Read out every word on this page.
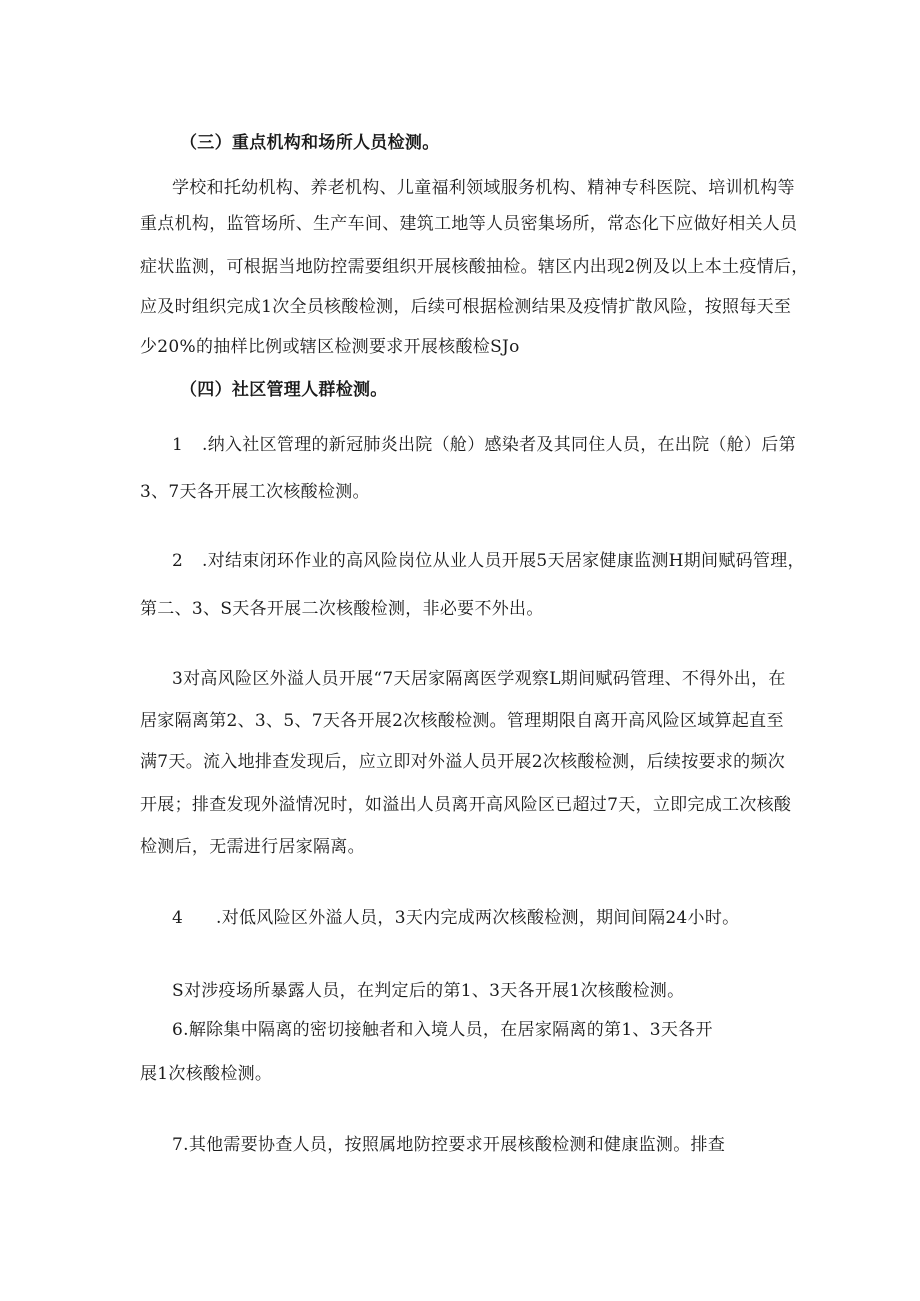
（三）重点机构和场所人员检测。
学校和托幼机构、养老机构、儿童福利领域服务机构、精神专科医院、培训机构等
重点机构，监管场所、生产车间、建筑工地等人员密集场所，常态化下应做好相关人员
症状监测，可根据当地防控需要组织开展核酸抽检。辖区内出现2例及以上本土疫情后，
应及时组织完成1次全员核酸检测，后续可根据检测结果及疫情扩散风险，按照每天至
少20%的抽样比例或辖区检测要求开展核酸检SJo
（四）社区管理人群检测。
1 .纳入社区管理的新冠肺炎出院（舱）感染者及其同住人员，在出院（舱）后第
3、7天各开展工次核酸检测。
2 .对结束闭环作业的高风险岗位从业人员开展5天居家健康监测H期间赋码管理，
第二、3、S天各开展二次核酸检测，非必要不外出。
3对高风险区外溢人员开展“7天居家隔离医学观察L期间赋码管理、不得外出，在
居家隔离第2、3、5、7天各开展2次核酸检测。管理期限自离开高风险区域算起直至
满7天。流入地排查发现后，应立即对外溢人员开展2次核酸检测，后续按要求的频次
开展；排查发现外溢情况时，如溢出人员离开高风险区已超过7天，立即完成工次核酸
检测后，无需进行居家隔离。
4 .对低风险区外溢人员，3天内完成两次核酸检测，期间间隔24小时。
S对涉疫场所暴露人员，在判定后的第1、3天各开展1次核酸检测。
6.解除集中隔离的密切接触者和入境人员，在居家隔离的第1、3天各开
展1次核酸检测。
7.其他需要协查人员，按照属地防控要求开展核酸检测和健康监测。排查
